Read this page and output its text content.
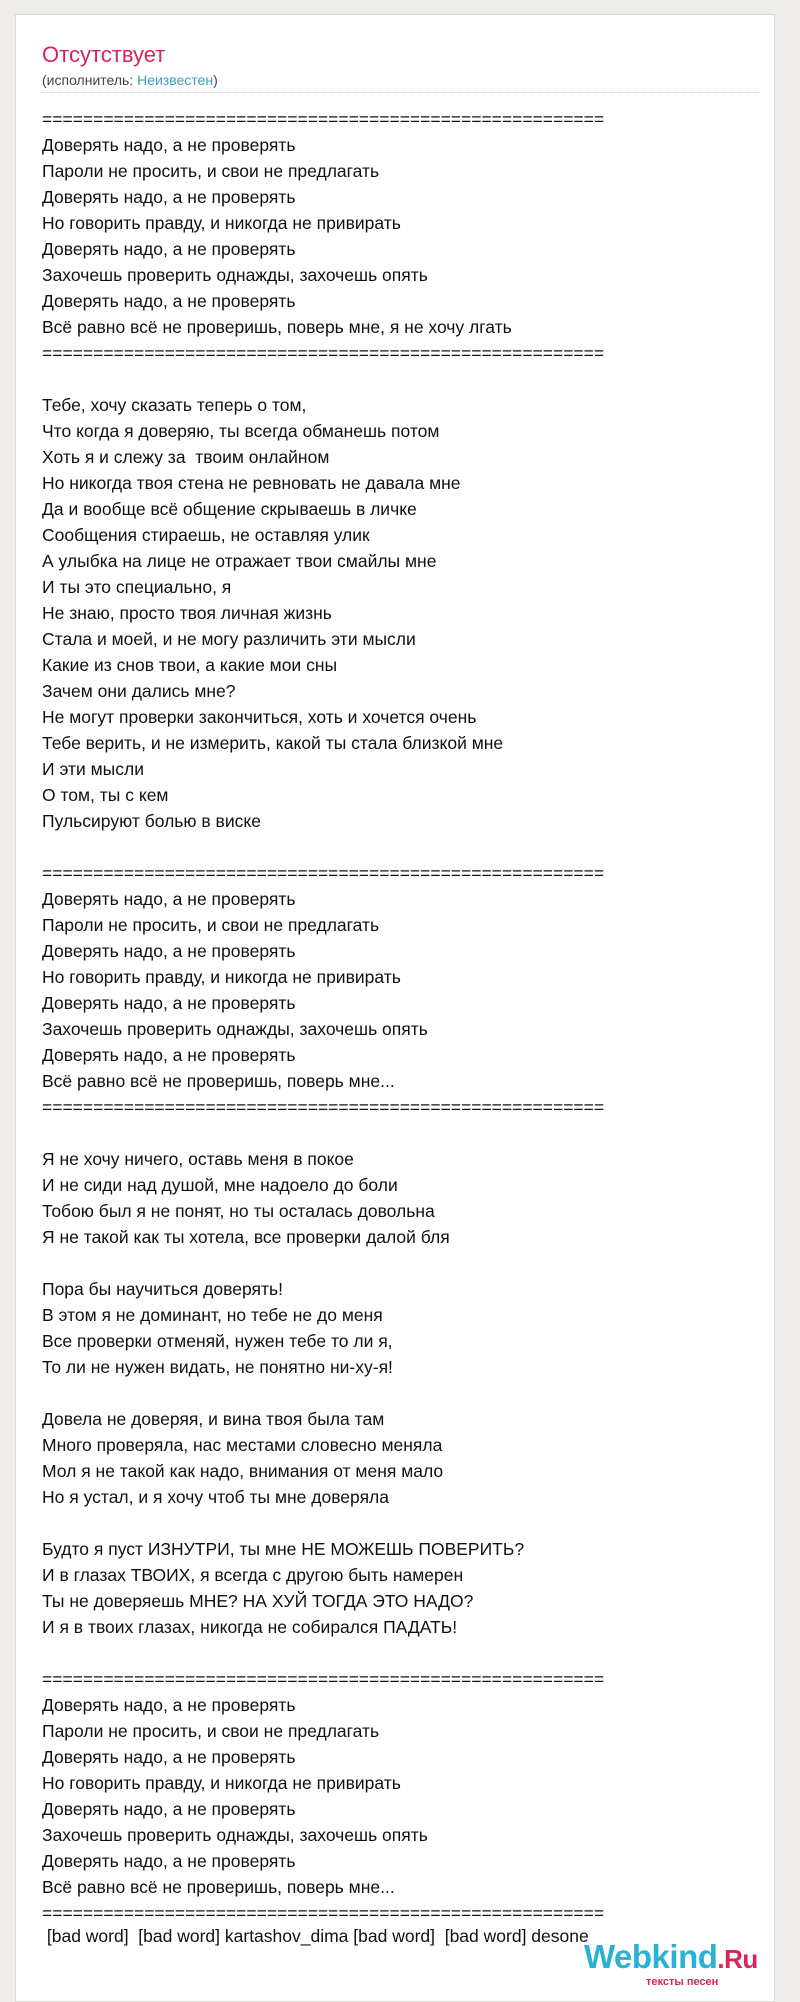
Отсутствует
(исполнитель: Неизвестен)
=======================================================
Доверять надо, а не проверять
Пароли не просить, и свои не предлагать
Доверять надо, а не проверять
Но говорить правду, и никогда не привирать
Доверять надо, а не проверять
Захочешь проверить однажды, захочешь опять
Доверять надо, а не проверять
Всё равно всё не проверишь, поверь мне, я не хочу лгать
=======================================================
Тебе, хочу сказать теперь о том,
Что когда я доверяю, ты всегда обманешь потом
Хоть я и слежу за  твоим онлайном
Но никогда твоя стена не ревновать не давала мне
Да и вообще всё общение скрываешь в личке
Сообщения стираешь, не оставляя улик
А улыбка на лице не отражает твои смайлы мне
И ты это специально, я
Не знаю, просто твоя личная жизнь
Стала и моей, и не могу различить эти мысли
Какие из снов твои, а какие мои сны
Зачем они дались мне?
Не могут проверки закончиться, хоть и хочется очень
Тебе верить, и не измерить, какой ты стала близкой мне
И эти мысли
О том, ты с кем
Пульсируют болью в виске
=======================================================
Доверять надо, а не проверять
Пароли не просить, и свои не предлагать
Доверять надо, а не проверять
Но говорить правду, и никогда не привирать
Доверять надо, а не проверять
Захочешь проверить однажды, захочешь опять
Доверять надо, а не проверять
Всё равно всё не проверишь, поверь мне...
=======================================================
Я не хочу ничего, оставь меня в покое
И не сиди над душой, мне надоело до боли
Тобою был я не понят, но ты осталась довольна
Я не такой как ты хотела, все проверки далой бля
Пора бы научиться доверять!
В этом я не доминант, но тебе не до меня
Все проверки отменяй, нужен тебе то ли я,
То ли не нужен видать, не понятно ни-ху-я!
Довела не доверяя, и вина твоя была там
Много проверяла, нас местами словесно меняла
Мол я не такой как надо, внимания от меня мало
Но я устал, и я хочу чтоб ты мне доверяла
Будто я пуст ИЗНУТРИ, ты мне НЕ МОЖЕШЬ ПОВЕРИТЬ?
И в глазах ТВОИХ, я всегда с другою быть намерен
Ты не доверяешь МНЕ? НА ХУЙ ТОГДА ЭТО НАДО?
И я в твоих глазах, никогда не собирался ПАДАТЬ!
=======================================================
Доверять надо, а не проверять
Пароли не просить, и свои не предлагать
Доверять надо, а не проверять
Но говорить правду, и никогда не привирать
Доверять надо, а не проверять
Захочешь проверить однажды, захочешь опять
Доверять надо, а не проверять
Всё равно всё не проверишь, поверь мне...
=======================================================
[bad word]  [bad word] kartashov_dima [bad word]  [bad word] desone
Webkind.Ru
тексты песен
